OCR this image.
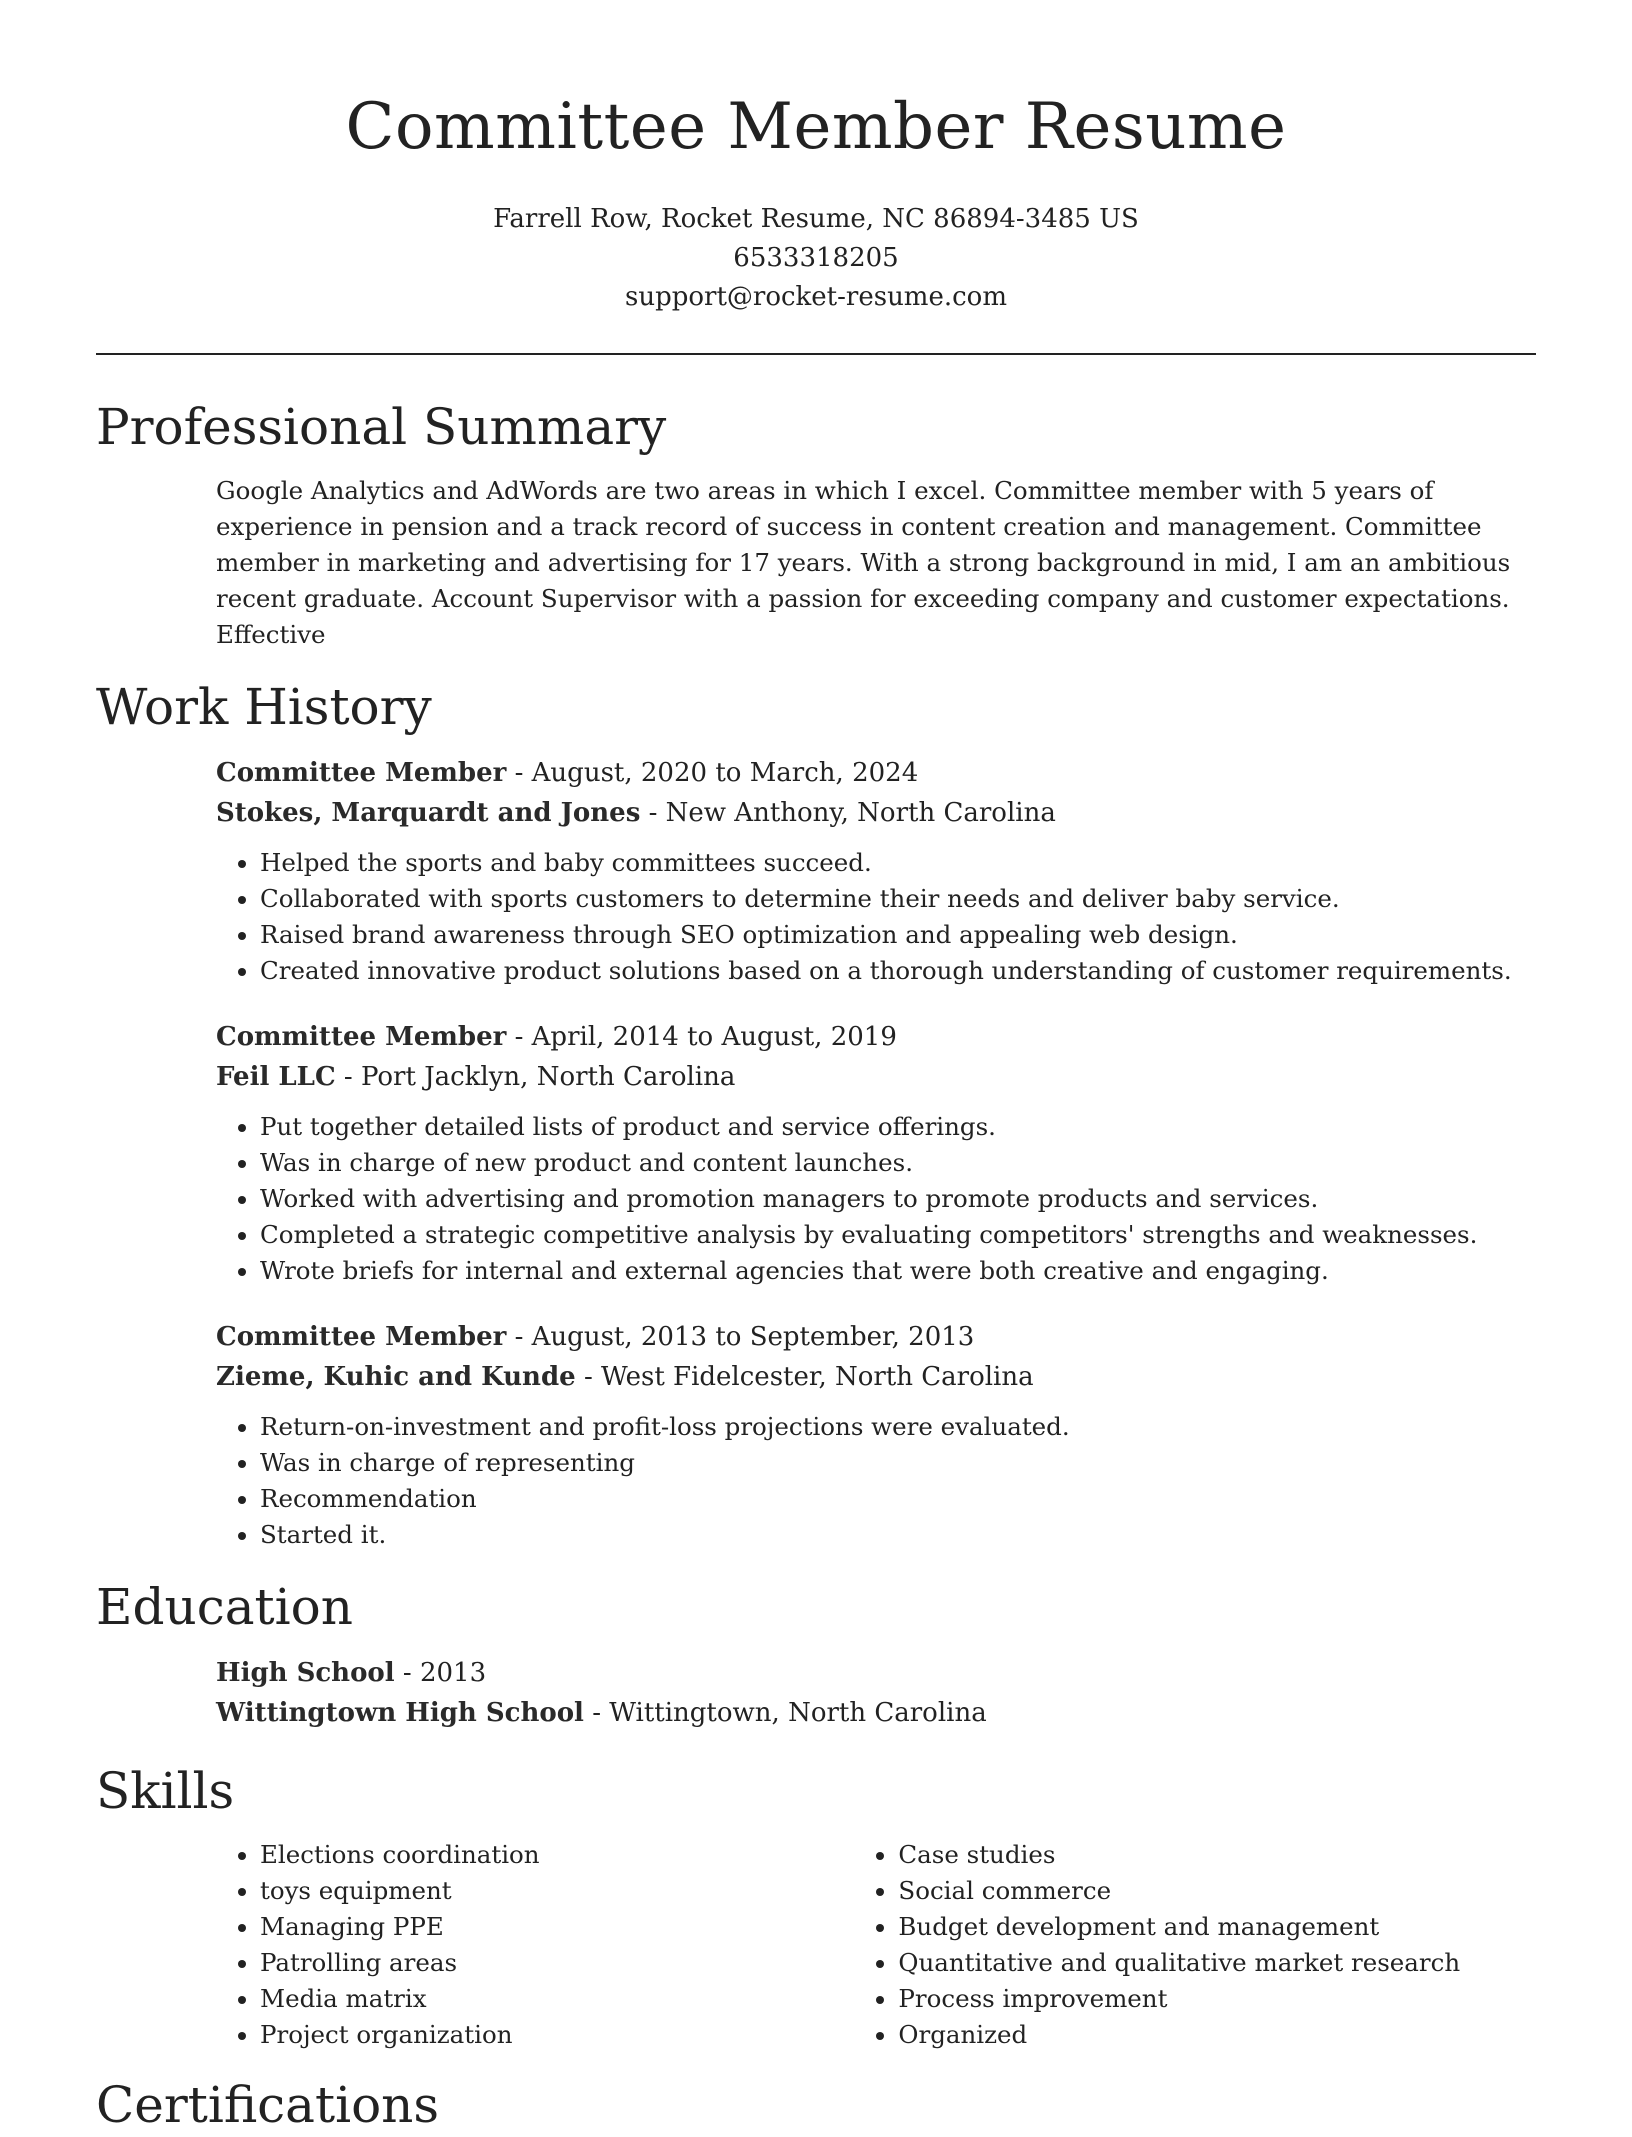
Committee Member Resume

Farrell Row, Rocket Resume, NC 86894-3485 US

6533318205

support@rocket-resume.com

Professional Summary

Google Analytics and AdWords are two areas in which I excel. Committee member with 5 years of experience in pension and a track record of success in content creation and management. Committee member in marketing and advertising for 17 years. With a strong background in mid, I am an ambitious recent graduate. Account Supervisor with a passion for exceeding company and customer expectations. Effective

Work History

Committee Member - August, 2020 to March, 2024

Stokes, Marquardt and Jones - New Anthony, North Carolina

• Helped the sports and baby committees succeed.
• Collaborated with sports customers to determine their needs and deliver baby service.
• Raised brand awareness through SEO optimization and appealing web design.
• Created innovative product solutions based on a thorough understanding of customer requirements.

Committee Member - April, 2014 to August, 2019

Feil LLC - Port Jacklyn, North Carolina

• Put together detailed lists of product and service offerings.
• Was in charge of new product and content launches.
• Worked with advertising and promotion managers to promote products and services.
• Completed a strategic competitive analysis by evaluating competitors' strengths and weaknesses.
• Wrote briefs for internal and external agencies that were both creative and engaging.

Committee Member - August, 2013 to September, 2013

Zieme, Kuhic and Kunde - West Fidelcester, North Carolina

• Return-on-investment and profit-loss projections were evaluated.
• Was in charge of representing
• Recommendation
• Started it.
Education

High School - 2013

Wittingtown High School - Wittingtown, North Carolina

Skills
• Elections coordination
• toys equipment
• Managing PPE
• Patrolling areas
• Media matrix
• Project organization
• Case studies
• Social commerce
• Budget development and management
• Quantitative and qualitative market research
• Process improvement
• Organized
Certifications
